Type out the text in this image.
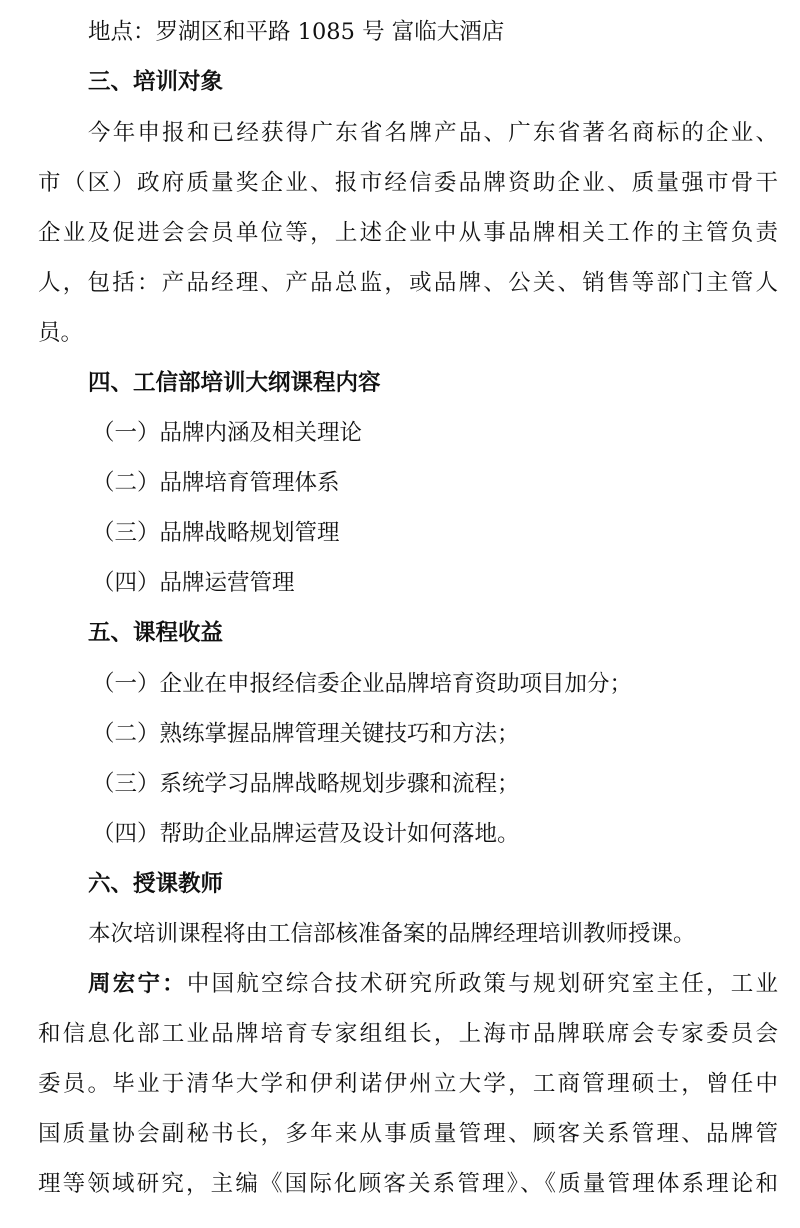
地点：罗湖区和平路 1085 号 富临大酒店
三、培训对象
今年申报和已经获得广东省名牌产品、广东省著名商标的企业、
市（区）政府质量奖企业、报市经信委品牌资助企业、质量强市骨干
企业及促进会会员单位等，上述企业中从事品牌相关工作的主管负责
人，包括：产品经理、产品总监，或品牌、公关、销售等部门主管人
员。
四、工信部培训大纲课程内容
（一）品牌内涵及相关理论
（二）品牌培育管理体系
（三）品牌战略规划管理
（四）品牌运营管理
五、课程收益
（一）企业在申报经信委企业品牌培育资助项目加分；
（二）熟练掌握品牌管理关键技巧和方法；
（三）系统学习品牌战略规划步骤和流程；
（四）帮助企业品牌运营及设计如何落地。
六、授课教师
本次培训课程将由工信部核准备案的品牌经理培训教师授课。
周宏宁：中国航空综合技术研究所政策与规划研究室主任，工业
和信息化部工业品牌培育专家组组长，上海市品牌联席会专家委员会
委员。毕业于清华大学和伊利诺伊州立大学，工商管理硕士，曾任中
国质量协会副秘书长，多年来从事质量管理、顾客关系管理、品牌管
理等领域研究，主编《国际化顾客关系管理》、《质量管理体系理论和
